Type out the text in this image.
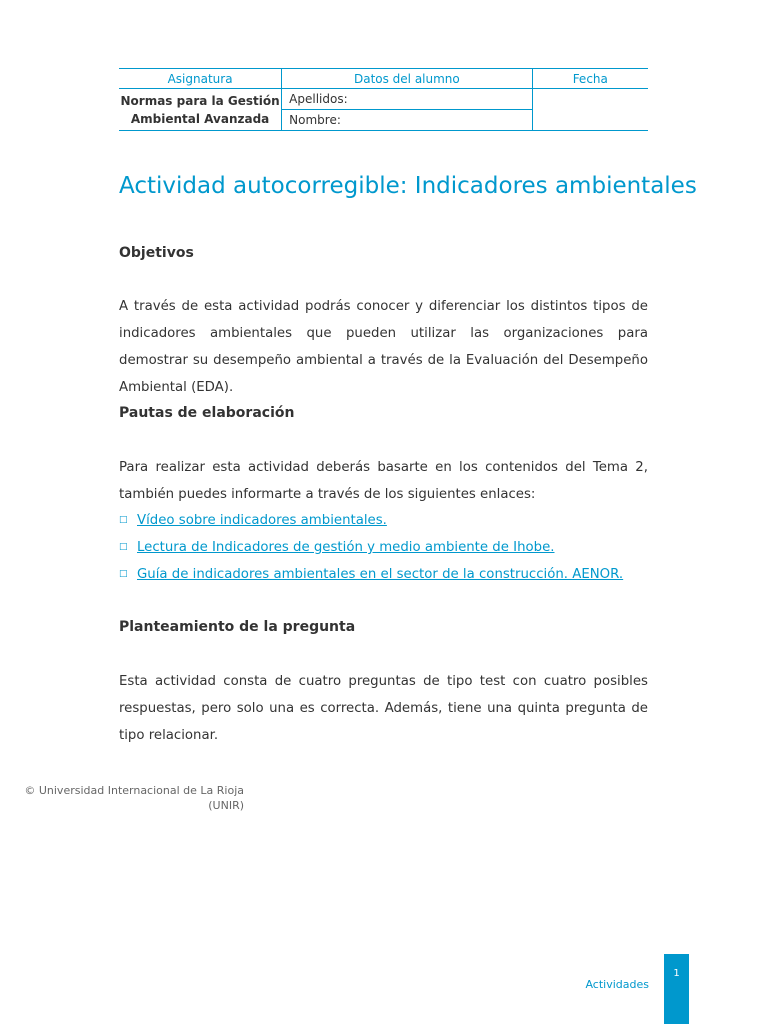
Asignatura	Datos del alumno	Fecha
Normas para la Gestión
Ambiental Avanzada	Apellidos:	
	Nombre:	
Actividad autocorregible: Indicadores ambientales
Objetivos

A través de esta actividad podrás conocer y diferenciar los distintos tipos de indicadores ambientales que pueden utilizar las organizaciones para demostrar su desempeño ambiental a través de la Evaluación del Desempeño Ambiental (EDA).

Pautas de elaboración

Para realizar esta actividad deberás basarte en los contenidos del Tema 2, también puedes informarte a través de los siguientes enlaces:

□ Vídeo sobre indicadores ambientales.
□ Lectura de Indicadores de gestión y medio ambiente de Ihobe.
□ Guía de indicadores ambientales en el sector de la construcción. AENOR.
Planteamiento de la pregunta

Esta actividad consta de cuatro preguntas de tipo test con cuatro posibles respuestas, pero solo una es correcta. Además, tiene una quinta pregunta de tipo relacionar.

© Universidad Internacional de La Rioja
(UNIR)
Actividades
1
